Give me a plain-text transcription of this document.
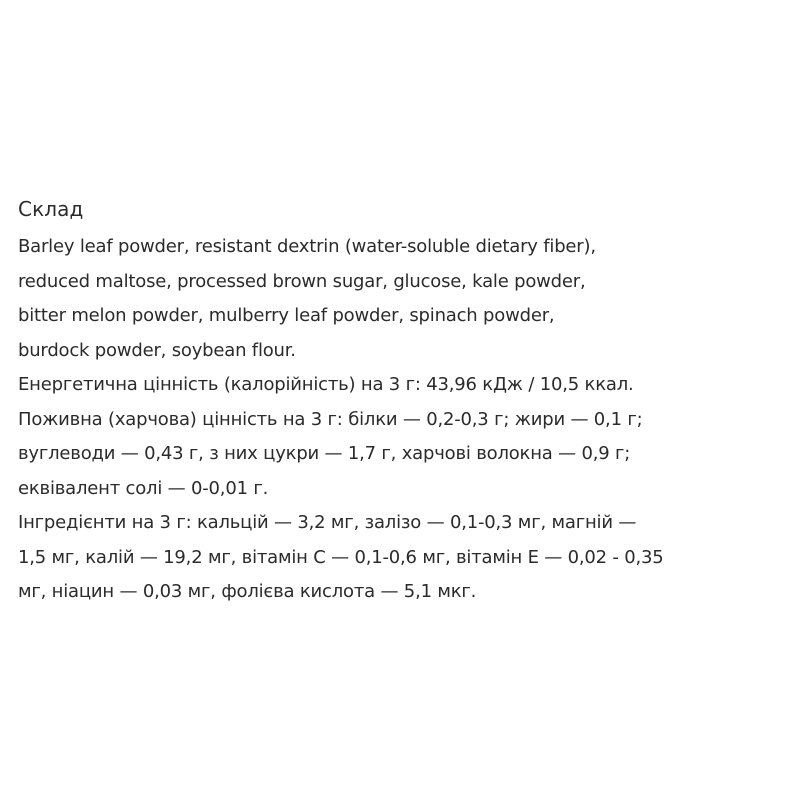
Склад
Barley leaf powder, resistant dextrin (water-soluble dietary fiber),
reduced maltose, processed brown sugar, glucose, kale powder,
bitter melon powder, mulberry leaf powder, spinach powder,
burdock powder, soybean flour.
Енергетична цінність (калорійність) на 3 г: 43,96 кДж / 10,5 ккал.
Поживна (харчова) цінність на 3 г: білки — 0,2-0,3 г; жири — 0,1 г;
вуглеводи — 0,43 г, з них цукри — 1,7 г, харчові волокна — 0,9 г;
еквівалент солі — 0-0,01 г.
Інгредієнти на 3 г: кальцій — 3,2 мг, залізо — 0,1-0,3 мг, магній —
1,5 мг, калій — 19,2 мг, вітамін С — 0,1-0,6 мг, вітамін Е — 0,02 - 0,35
мг, ніацин — 0,03 мг, фолієва кислота — 5,1 мкг.
